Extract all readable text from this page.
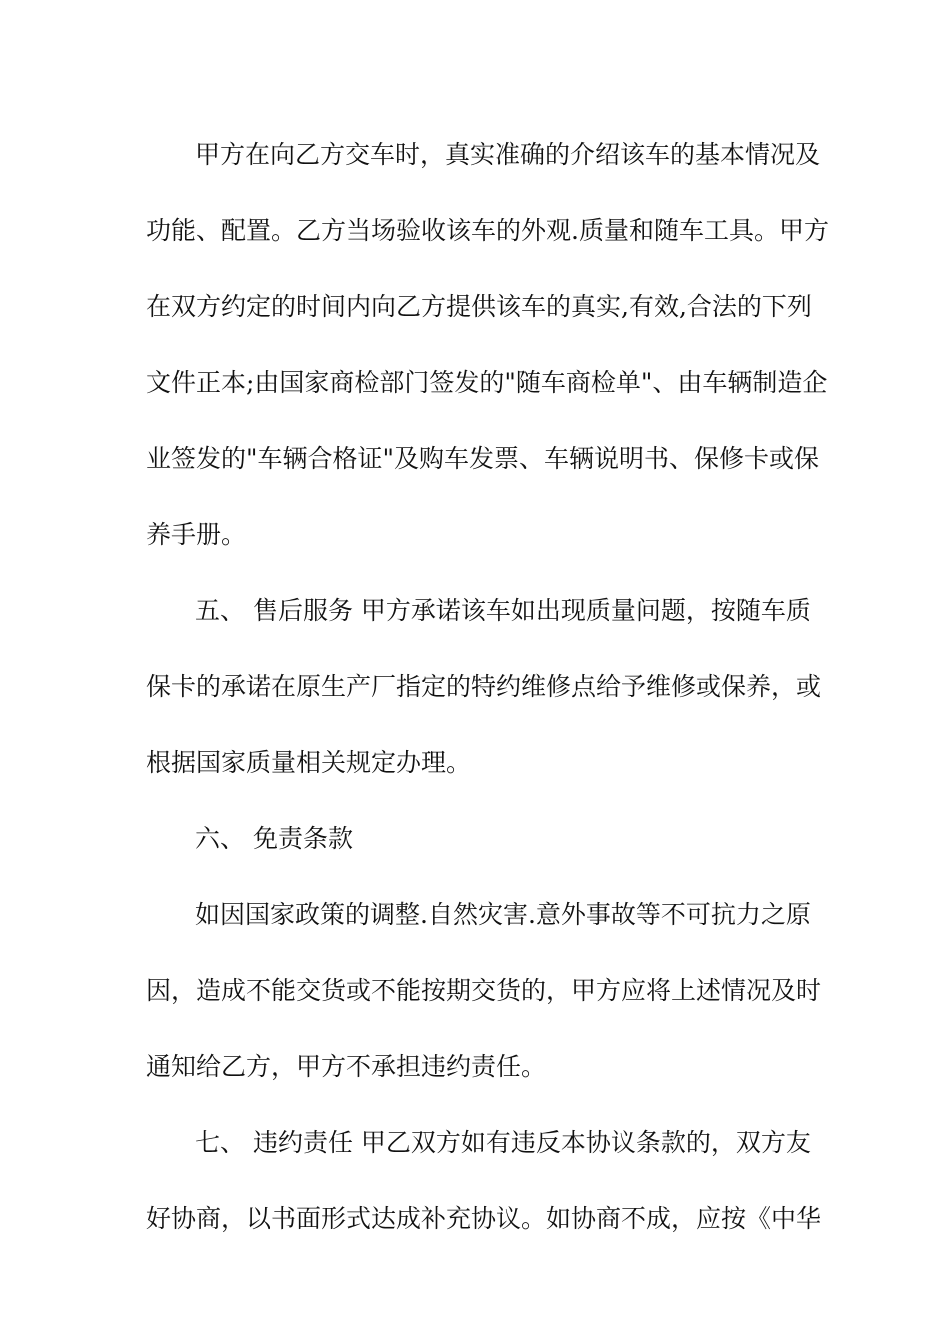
甲方在向乙方交车时，真实准确的介绍该车的基本情况及
功能、配置。乙方当场验收该车的外观.质量和随车工具。甲方
在双方约定的时间内向乙方提供该车的真实,有效,合法的下列
文件正本;由国家商检部门签发的"随车商检单"、由车辆制造企
业签发的"车辆合格证"及购车发票、车辆说明书、保修卡或保
养手册。
五、 售后服务 甲方承诺该车如出现质量问题，按随车质
保卡的承诺在原生产厂指定的特约维修点给予维修或保养，或
根据国家质量相关规定办理。
六、 免责条款
如因国家政策的调整.自然灾害.意外事故等不可抗力之原
因，造成不能交货或不能按期交货的，甲方应将上述情况及时
通知给乙方，甲方不承担违约责任。
七、 违约责任 甲乙双方如有违反本协议条款的，双方友
好协商，以书面形式达成补充协议。如协商不成，应按《中华
